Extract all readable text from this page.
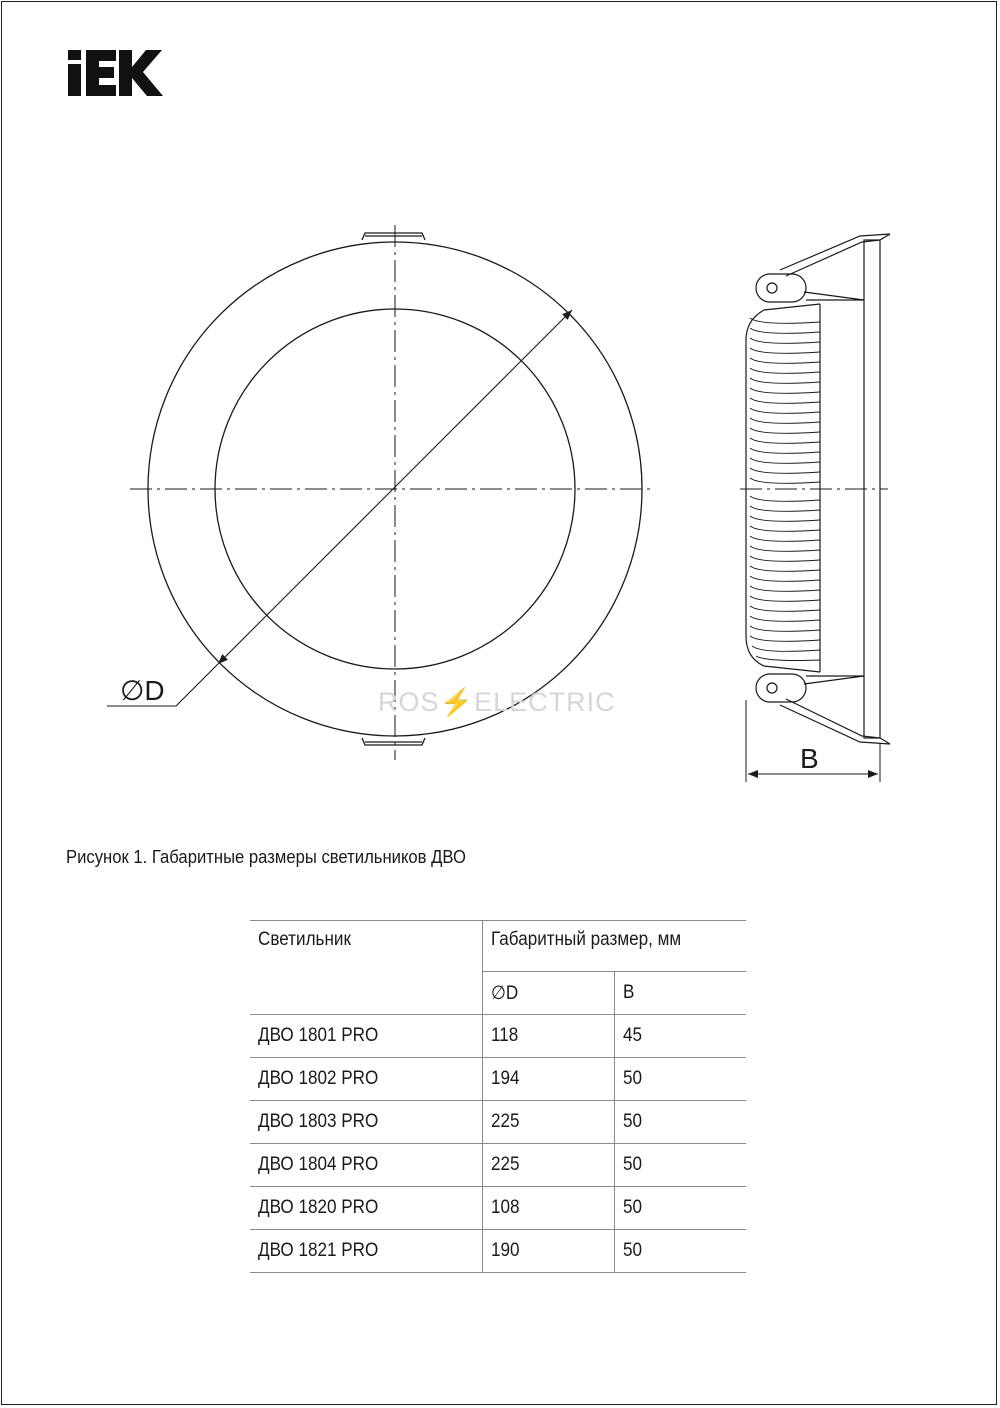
∅D
B
ROS⚡ELECTRIC
Рисунок 1. Габаритные размеры светильников ДВО
Светильник	Габаритный размер, мм	
	∅D	B
ДВО 1801 PRO	118	45
ДВО 1802 PRO	194	50
ДВО 1803 PRO	225	50
ДВО 1804 PRO	225	50
ДВО 1820 PRO	108	50
ДВО 1821 PRO	190	50
